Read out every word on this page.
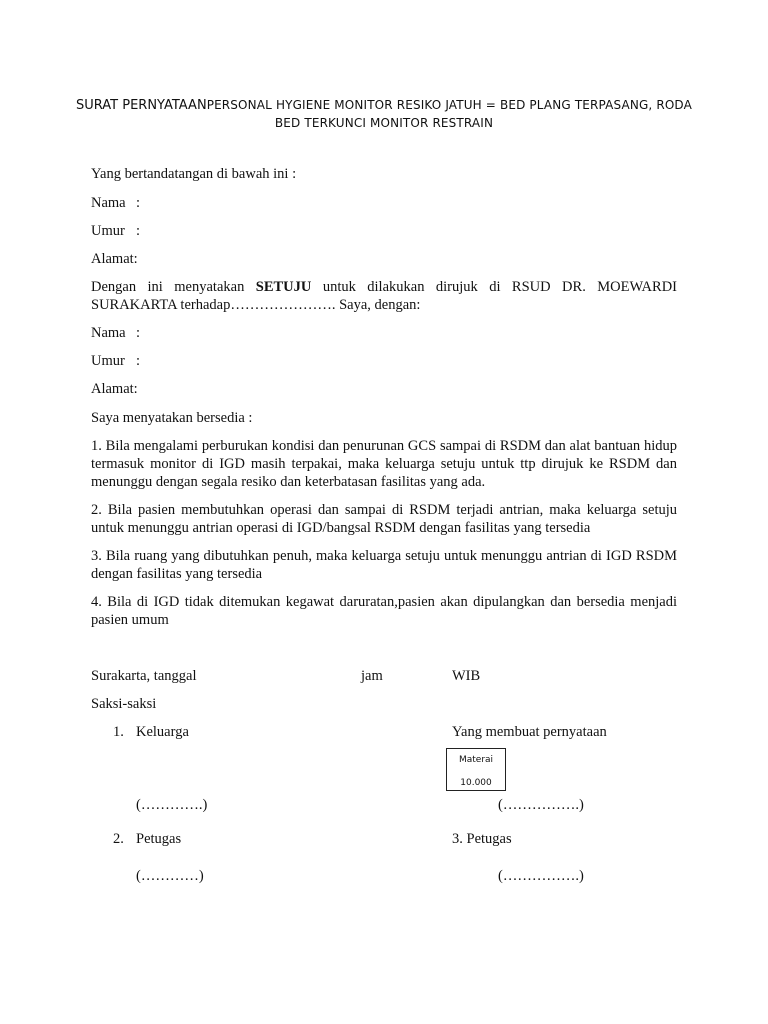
SURAT PERNYATAANPERSONAL HYGIENE MONITOR RESIKO JATUH = BED PLANG TERPASANG, RODA BED TERKUNCI MONITOR RESTRAIN
Yang bertandatangan di bawah ini :
Nama :
Umur :
Alamat:
Dengan ini menyatakan SETUJU untuk dilakukan dirujuk di RSUD DR. MOEWARDI
SURAKARTA terhadap…………………. Saya, dengan:
Nama :
Umur :
Alamat:
Saya menyatakan bersedia :
1. Bila mengalami perburukan kondisi dan penurunan GCS sampai di RSDM dan alat bantuan hidup termasuk monitor di IGD masih terpakai, maka keluarga setuju untuk ttp dirujuk ke RSDM dan menunggu dengan segala resiko dan keterbatasan fasilitas yang ada.
2. Bila pasien membutuhkan operasi dan sampai di RSDM terjadi antrian, maka keluarga setuju untuk menunggu antrian operasi di IGD/bangsal RSDM dengan fasilitas yang tersedia
3. Bila ruang yang dibutuhkan penuh, maka keluarga setuju untuk menunggu antrian di IGD RSDM dengan fasilitas yang tersedia
4. Bila di IGD tidak ditemukan kegawat daruratan,pasien akan dipulangkan dan bersedia menjadi pasien umum
Surakarta, tanggal	jam	WIB
Saksi-saksi
1. Keluarga	Yang membuat pernyataan
Materai
10.000
(………….)	(…………….)
2. Petugas	3. Petugas
(…………)	(…………….)
